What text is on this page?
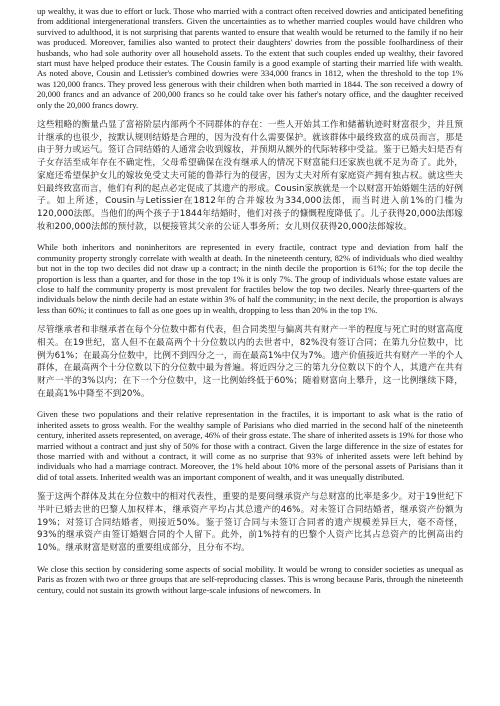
up wealthy, it was due to effort or luck. Those who married with a contract often received dowries and anticipated benefiting from additional intergenerational transfers. Given the uncertainties as to whether married couples would have children who survived to adulthood, it is not surprising that parents wanted to ensure that wealth would be returned to the family if no heir was produced. Moreover, families also wanted to protect their daughters' dowries from the possible foolhardiness of their husbands, who had sole authority over all household assets. To the extent that such couples ended up wealthy, their favored start must have helped produce their estates. The Cousin family is a good example of starting their married life with wealth. As noted above, Cousin and Letissier's combined dowries were 334,000 francs in 1812, when the threshold to the top 1% was 120,000 francs. They proved less generous with their children when both married in 1844. The son received a dowry of 20,000 francs and an advance of 200,000 francs so he could take over his father's notary office, and the daughter received only the 20,000 francs dowry.

这些粗略的衡量凸显了富裕阶层内部两个不同群体的存在：一些人开始其工作和储蓄轨迹时财富很少，并且预计继承的也很少，按默认规则结婚是合理的，因为没有什么需要保护。就该群体中最终致富的成员而言，那是由于努力或运气。签订合同结婚的人通常会收到嫁妆，并预期从额外的代际转移中受益。鉴于已婚夫妇是否有子女存活至成年存在不确定性，父母希望确保在没有继承人的情况下财富能归还家族也就不足为奇了。此外，家庭还希望保护女儿的嫁妆免受丈夫可能的鲁莽行为的侵害，因为丈夫对所有家庭资产拥有独占权。就这些夫妇最终致富而言，他们有利的起点必定促成了其遗产的形成。Cousin家族就是一个以财富开始婚姻生活的好例子。如上所述，Cousin与Letissier在1812年的合并嫁妆为334,000法郎，而当时进入前1%的门槛为120,000法郎。当他们的两个孩子于1844年结婚时，他们对孩子的慷慨程度降低了。儿子获得20,000法郎嫁妆和200,000法郎的预付款，以便接管其父亲的公证人事务所；女儿则仅获得20,000法郎嫁妆。

While both inheritors and noninheritors are represented in every fractile, contract type and deviation from half the community property strongly correlate with wealth at death. In the nineteenth century, 82% of individuals who died wealthy but not in the top two deciles did not draw up a contract; in the ninth decile the proportion is 61%; for the top decile the proportion is less than a quarter, and for those in the top 1% it is only 7%. The group of individuals whose estate values are close to half the community property is most prevalent for fractiles below the top two deciles. Nearly three-quarters of the individuals below the ninth decile had an estate within 3% of half the community; in the next decile, the proportion is always less than 60%; it continues to fall as one goes up in wealth, dropping to less than 20% in the top 1%.

尽管继承者和非继承者在每个分位数中都有代表，但合同类型与偏离共有财产一半的程度与死亡时的财富高度相关。在19世纪，富人但不在最高两个十分位数以内的去世者中，82%没有签订合同；在第九分位数中，比例为61%；在最高分位数中，比例不到四分之一，而在最高1%中仅为7%。遗产价值接近共有财产一半的个人群体，在最高两个十分位数以下的分位数中最为普遍。将近四分之三的第九分位数以下的个人，其遗产在共有财产一半的3%以内；在下一个分位数中，这一比例始终低于60%；随着财富向上攀升，这一比例继续下降，在最高1%中降至不到20%。

Given these two populations and their relative representation in the fractiles, it is important to ask what is the ratio of inherited assets to gross wealth. For the wealthy sample of Parisians who died married in the second half of the nineteenth century, inherited assets represented, on average, 46% of their gross estate. The share of inherited assets is 19% for those who married without a contract and just shy of 50% for those with a contract. Given the large difference in the size of estates for those married with and without a contract, it will come as no surprise that 93% of inherited assets were left behind by individuals who had a marriage contract. Moreover, the 1% held about 10% more of the personal assets of Parisians than it did of total assets. Inherited wealth was an important component of wealth, and it was unequally distributed.

鉴于这两个群体及其在分位数中的相对代表性，重要的是要问继承资产与总财富的比率是多少。对于19世纪下半叶已婚去世的巴黎人加权样本，继承资产平均占其总遗产的46%。对未签订合同结婚者，继承资产份额为19%；对签订合同结婚者，则接近50%。鉴于签订合同与未签订合同者的遗产规模差异巨大，毫不奇怪，93%的继承资产由签订婚姻合同的个人留下。此外，前1%持有的巴黎个人资产比其占总资产的比例高出约10%。继承财富是财富的重要组成部分，且分布不均。

We close this section by considering some aspects of social mobility. It would be wrong to consider societies as unequal as Paris as frozen with two or three groups that are self-reproducing classes. This is wrong because Paris, through the nineteenth century, could not sustain its growth without large-scale infusions of newcomers. In
